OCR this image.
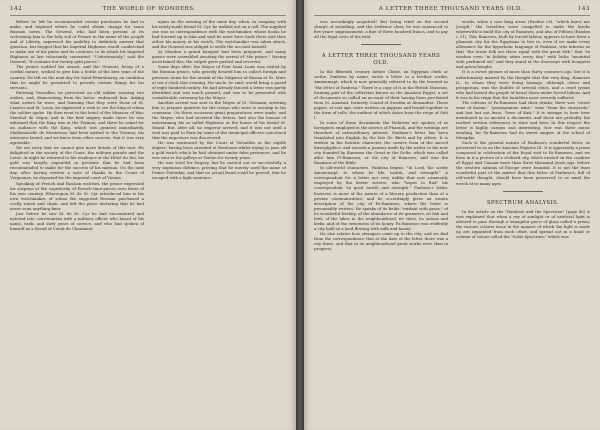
142	THE WORLD OF WONDERS.

Before he left he recommended certain purchases he had to make, and inquired where he could obtain change for some Russian notes. The General, who had been present at its welcoming him to the holy soil of France in the name of the people and of Liberty, expressed his inability to definitely answer that question, but begged that his Imperial Highness would condescend to make use of his purse and its contents, to do which his Imperial Highness at last reluctantly consented. "Unfortunately," said the General, "it contains but twenty gold pieces."

The prince nodded his assent, and the General, being of a cordial nature, wished to give him a bottle of the best wine of the country. He left on the next day for Saint-Pétersbourg, on condition that he might be permitted to provide certain things for his servants.

Entering Versailles, he perceived an old soldier wearing two orders, and, dismounting from his horse, embraced him. Asking what orders he wore, and learning that they were those of St. Lazarus and St. Louis, he expressed a wish to see the king of whom the soldier spoke. He then went to the hotel of the Minister of War, Marshal de Ségur, and in the first inquiry made there he was informed that the King was at the Trianon; and there he asked for an audience with the King, which was granted immediately. Mademoiselle de Montesson had been invited to the Trianon; his interview lasted, and we know from other sources, that it was very agreeable.

We are sorry that we cannot give more details of this visit. He delighted in the society of the Court, the military parade and the Lever. At night he returned to his residence at the Hôtel du Roi, his gold was largely expended in presents that he had been recommended to make for the success of his mission. On the next day, after having written a note of thanks to the Count of Vergennes, he departed for the imperial court of Vienna.

Speaking of French and Russian watches, the prince expressed his surprise at the superiority of French time-pieces over those of his own country. Whereupon M. de St. Cyr introduced him to his own watchmaker, of whom the supposed Russian purchased a costly watch and chain, and left the place declaring that he had never seen anything finer.

Just before he saw M. de St. Cyr he had encountered and entered into conversation with a military officer who heard of his name, rank, and sixty years of service, and who had spoken of himself as a friend of Count de Chaumont.

again on the evening of the same day, when, in company with his newly-made friend M. Cyr, he walked out on a call. The supplied one was in correspondence with the watchmaker, whose books he had hurried up to him and said he must have back there and then either his money or his watch. The watchmaker was taken aback, and the General was obliged to settle the account himself.

At Meudon a grand banquet had been prepared, and many guests were assembled awaiting the arrival of "the prince." Having ascertained this, the culprit grew pushed and reverent.

Some days after, the Mayor of Pont Saint Louis was visited by the Russian prince, who gravely desired him to collect foreign and precious items for the arrival of the Emperor of Russia at St. Marc at ten o'clock that evening. His uncle, he said, would bring a guard of eight hundred cavalry. He had already fancied a letter was partly identified and was much praised, and was to be presented with considerable ceremony by the Mayor.

Another arrival was sent to the Mayor of St. Germain, ordering him to prepare quarters for the troops who were to encamp in his commune. On these occasions great preparations were made, and the Mayor, who had received the letters, had also the honour of entertaining his so-called Highness at the house of his friend M. Grand. But, after all, no emperor arrived, and it was not until a visit was paid to Paris by some of the municipal officers concerned that the imposture was discovered.

He was sentenced by the Court of Versailles in the eighth degree, having been arrested at Bordeaux whilst trying to pass off a gold watch which he had obtained under false pretences, and he was sent to the galleys at Toulon for twenty years.

He was tried for forgery, but he carried out so successfully a very ingenious defence, proving that he merely used the name of Prince Potemkin, and that no actual fraud could be proved, that he escaped with a light sentence.

A LETTER THREE THOUSAND YEARS OLD.	143

was accordingly acquitted! But being tried on the second charge of swindling, and the evidence clear, he was sentenced to five years' imprisonment, a fine of three hundred francs, and to pay all the legal costs of his trial.

A LETTER THREE THOUSAND YEARS OLD.

In the fifteenth century before Christ, an Egyptian clerk or scribe, Panbesa by name, wrote a letter to a brother scribe, Amenemapt, which is now generally referred to by the learned as "the letter of Panbesa." There is a copy of it in the British Museum, forming part of the collection known as the Anastasi Papyri, a set of documents so called on account of their having been purchased from M. Anastasi, formerly Consul of Sweden at Alexandria. These papyri, of vast age, were written on papyrus and bound together in the form of rolls, the earliest of which dates from the reign of Seti I.

In some of these documents the Hebrews are spoken of as foreigners employed in the service of Pharaoh, and the writings are therefore of extraordinary interest. Panbesa's letter has been translated into English by the late Dr. Birch and by others. It is written in the hieratic character, the cursive form of the sacred hieroglyphics, and records a journey made by the writer to the new city founded by Rameses the Great in the Delta, which was called after him Pi-Ramessu, or the city of Rameses, and was the Raamses of the Bible.

In old-world characters, Panbesa begins: "In Lord, the scribe Amenemapt, to whom be life, health, and strength!" A correspondent for a letter not very unlike that now commonly employed by the better writers, who "hopes to find" his correspondent "in good health and strength." Panbesa's letter, however, is more of the nature of a literary production than of a private communication, and he accordingly gives an ornate description of the city of Pa-Rameses, where the letter is presumably written. He speaks of its fields "verdant with grass," of its wonderful fertility, of the abundance of its granaries, its fish and fowl, of the lakes in the neighbourhood, its vines, its onions and leeks, and of the sweetness of its honey. Pa-Rameses was evidently a city built in a land flowing with milk and honey.

He also relates how strangers came up to the city; and we find from the correspondence that at the date of the letter there was a city there, and that in its neighbourhood great works were then in progress.

words, when a new king arose (Exodus i.8), "which knew not Joseph," the Israelites were compelled to make the bricks wherewith to build the city of Rameses, and also of Pithom (Exodus i. 11). This Rameses, built by forced labour, appears to have been a pleasant city for the Egyptians to live in, even if we make every allowance for the hyperbolic language of Panbesa, who informs us that "the lower folk are there equal with the great folk," that "in wisdom even "in holiday attire every day," with locks "anointed with perfumed oil," and they stand at the doorways with bouquets and green boughs.

It is a sweet picture of more than thirty centuries ago, but it is unfortunately marred by the thought that this very king, Rameses II., to whom they were doing homage, although clever and prosperous, was the builder of several cities, and a cruel tyrant who had bowed the people of Israel down under forced labour. And it was in his reign that the Israelites most severely suffered.

The citizens of Pa-Rameses had their drinks; there was "sweet wine of Kaemi," "pomegranate wine," wine "from the vineyards," and last but not least, "beer of Kati." It is strange to hear beer mentioned in so ancient a document, and these are probably the earliest written references to wine and beer. In this respect the letter is highly curious and interesting. Nor was there music wanting, for Pa-Rameses had its sweet singers of the school of Memphis.

Such is the general nature of Panbesa's wonderful letter, as preserved to us on the Anastasi Papyrus III. It is apparently a poem composed in celebration of the Royal visit to Pa-Rameses, and we have in it a picture of a civilized city, which existed on the confines of Egypt and Canaan more than three thousand years ago, before the western nations of Europe were founded. It is not the least wonderful part of the matter that this letter of Panbesa's, full of old-world thought, should have been preserved to us amid the wreck of so many ages.

SPECTRUM ANALYSIS.

In the article on the "Rainbow and the Spectrum" (page 40) it was explained that when a ray of sunlight or of artificial light is allowed to pass through a triangular piece of glass called a prism, the various colours issue in the manner of which the light is made up are separated from each other, and spread out in a band or column of colour called the "Solar Spectrum," which was
